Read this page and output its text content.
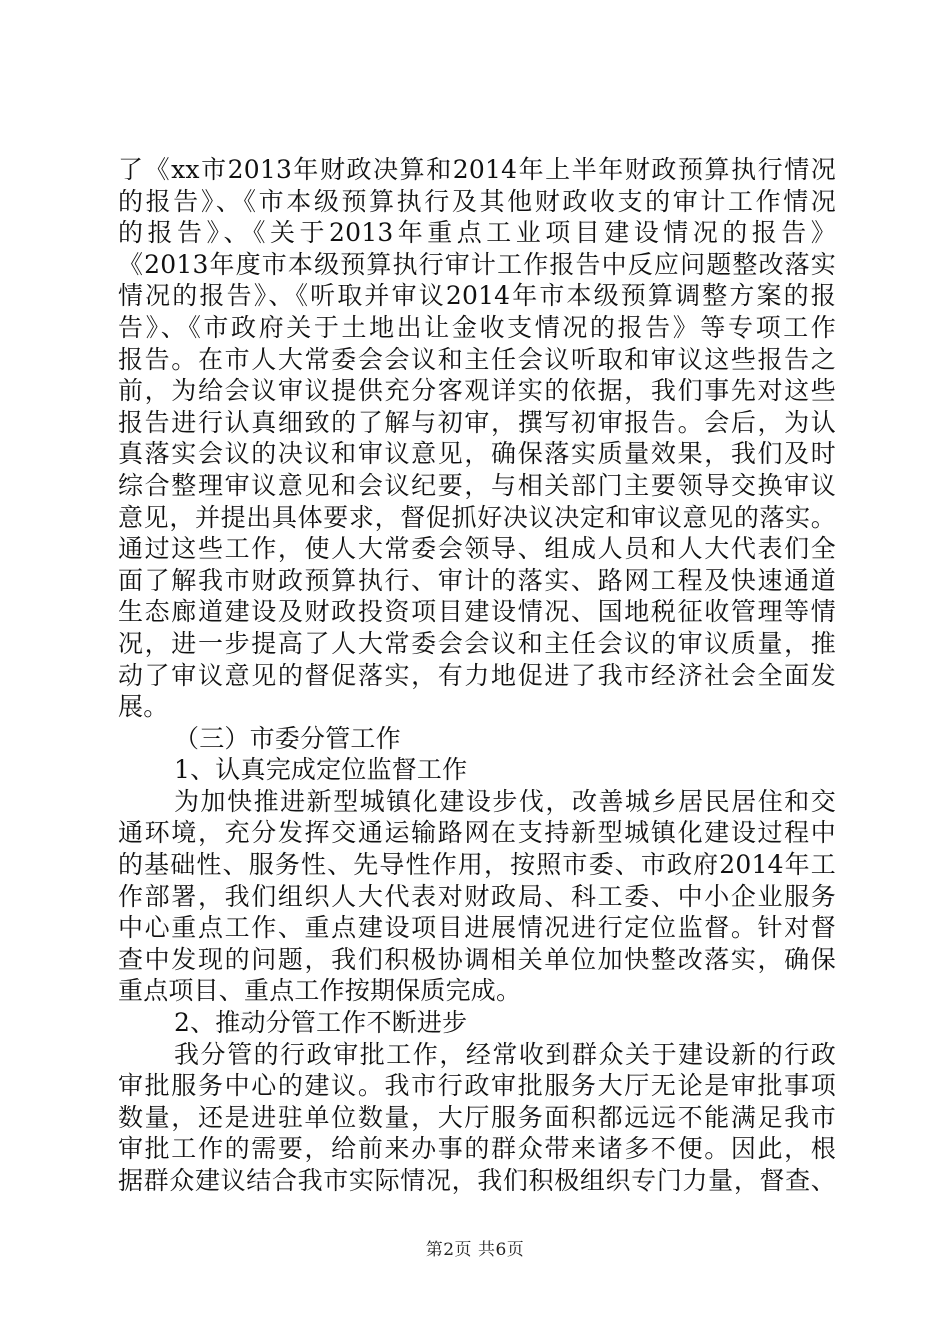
了《xx市2013年财政决算和2014年上半年财政预算执行情况
的报告》、《市本级预算执行及其他财政收支的审计工作情况
的报告》、《关于2013年重点工业项目建设情况的报告》
《2013年度市本级预算执行审计工作报告中反应问题整改落实
情况的报告》、《听取并审议2014年市本级预算调整方案的报
告》、《市政府关于土地出让金收支情况的报告》等专项工作
报告。在市人大常委会会议和主任会议听取和审议这些报告之
前，为给会议审议提供充分客观详实的依据，我们事先对这些
报告进行认真细致的了解与初审，撰写初审报告。会后，为认
真落实会议的决议和审议意见，确保落实质量效果，我们及时
综合整理审议意见和会议纪要，与相关部门主要领导交换审议
意见，并提出具体要求，督促抓好决议决定和审议意见的落实。
通过这些工作，使人大常委会领导、组成人员和人大代表们全
面了解我市财政预算执行、审计的落实、路网工程及快速通道
生态廊道建设及财政投资项目建设情况、国地税征收管理等情
况，进一步提高了人大常委会会议和主任会议的审议质量，推
动了审议意见的督促落实，有力地促进了我市经济社会全面发
展。
（三）市委分管工作
1、认真完成定位监督工作
为加快推进新型城镇化建设步伐，改善城乡居民居住和交
通环境，充分发挥交通运输路网在支持新型城镇化建设过程中
的基础性、服务性、先导性作用，按照市委、市政府2014年工
作部署，我们组织人大代表对财政局、科工委、中小企业服务
中心重点工作、重点建设项目进展情况进行定位监督。针对督
查中发现的问题，我们积极协调相关单位加快整改落实，确保
重点项目、重点工作按期保质完成。
2、推动分管工作不断进步
我分管的行政审批工作，经常收到群众关于建设新的行政
审批服务中心的建议。我市行政审批服务大厅无论是审批事项
数量，还是进驻单位数量，大厅服务面积都远远不能满足我市
审批工作的需要，给前来办事的群众带来诸多不便。因此，根
据群众建议结合我市实际情况，我们积极组织专门力量，督查、
第2页 共6页
